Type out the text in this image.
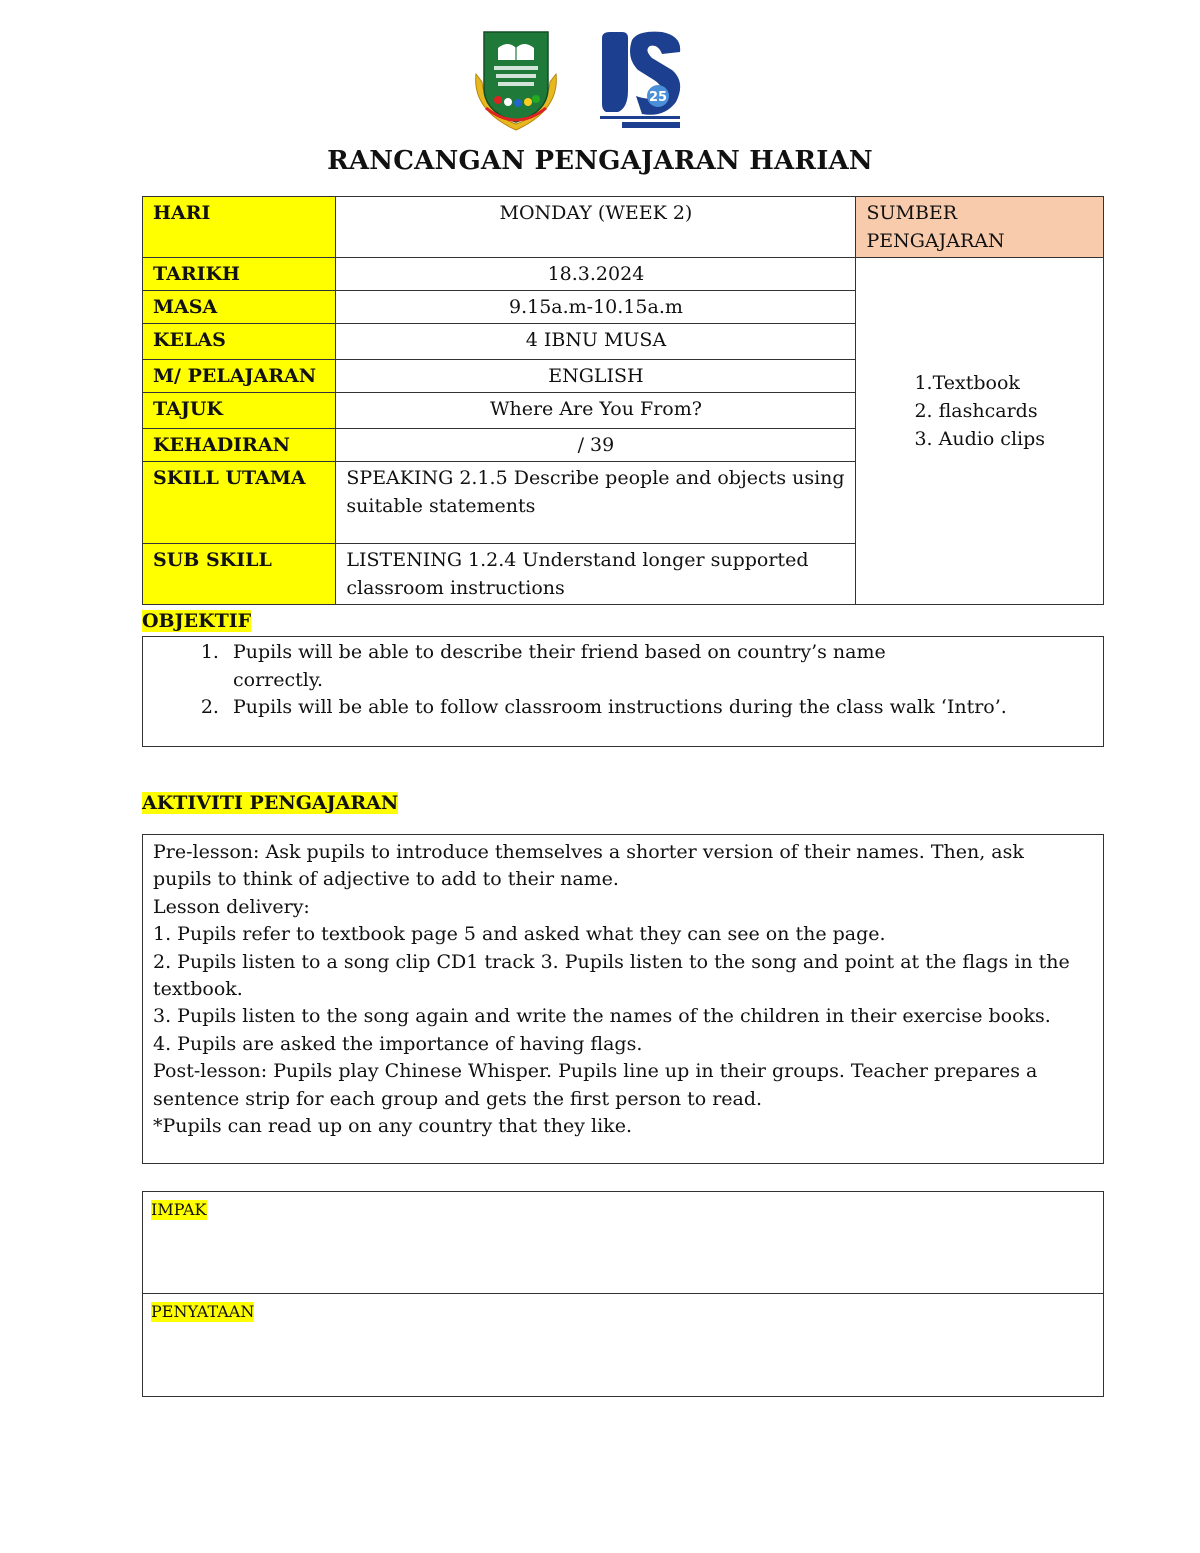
25
RANCANGAN PENGAJARAN HARIAN
HARI	MONDAY (WEEK 2)	SUMBER PENGAJARAN
TARIKH	18.3.2024	1.Textbook
2. flashcards
3. Audio clips

MASA	9.15a.m-10.15a.m	
KELAS	4 IBNU MUSA	
M/ PELAJARAN	ENGLISH	
TAJUK	Where Are You From?	
KEHADIRAN	/ 39	
SKILL UTAMA	SPEAKING 2.1.5 Describe people and objects using suitable statements	
SUB SKILL	LISTENING 1.2.4 Understand longer supported classroom instructions	
OBJEKTIF
1. Pupils will be able to describe their friend based on country’s name correctly.
2. Pupils will be able to follow classroom instructions during the class walk ‘Intro’.
AKTIVITI PENGAJARAN
Pre-lesson: Ask pupils to introduce themselves a shorter version of their names. Then, ask pupils to think of adjective to add to their name.
Lesson delivery:
1. Pupils refer to textbook page 5 and asked what they can see on the page.
2. Pupils listen to a song clip CD1 track 3. Pupils listen to the song and point at the flags in the textbook.
3. Pupils listen to the song again and write the names of the children in their exercise books.
4. Pupils are asked the importance of having flags.
Post-lesson: Pupils play Chinese Whisper. Pupils line up in their groups. Teacher prepares a sentence strip for each group and gets the first person to read.
*Pupils can read up on any country that they like.
IMPAK
PENYATAAN
